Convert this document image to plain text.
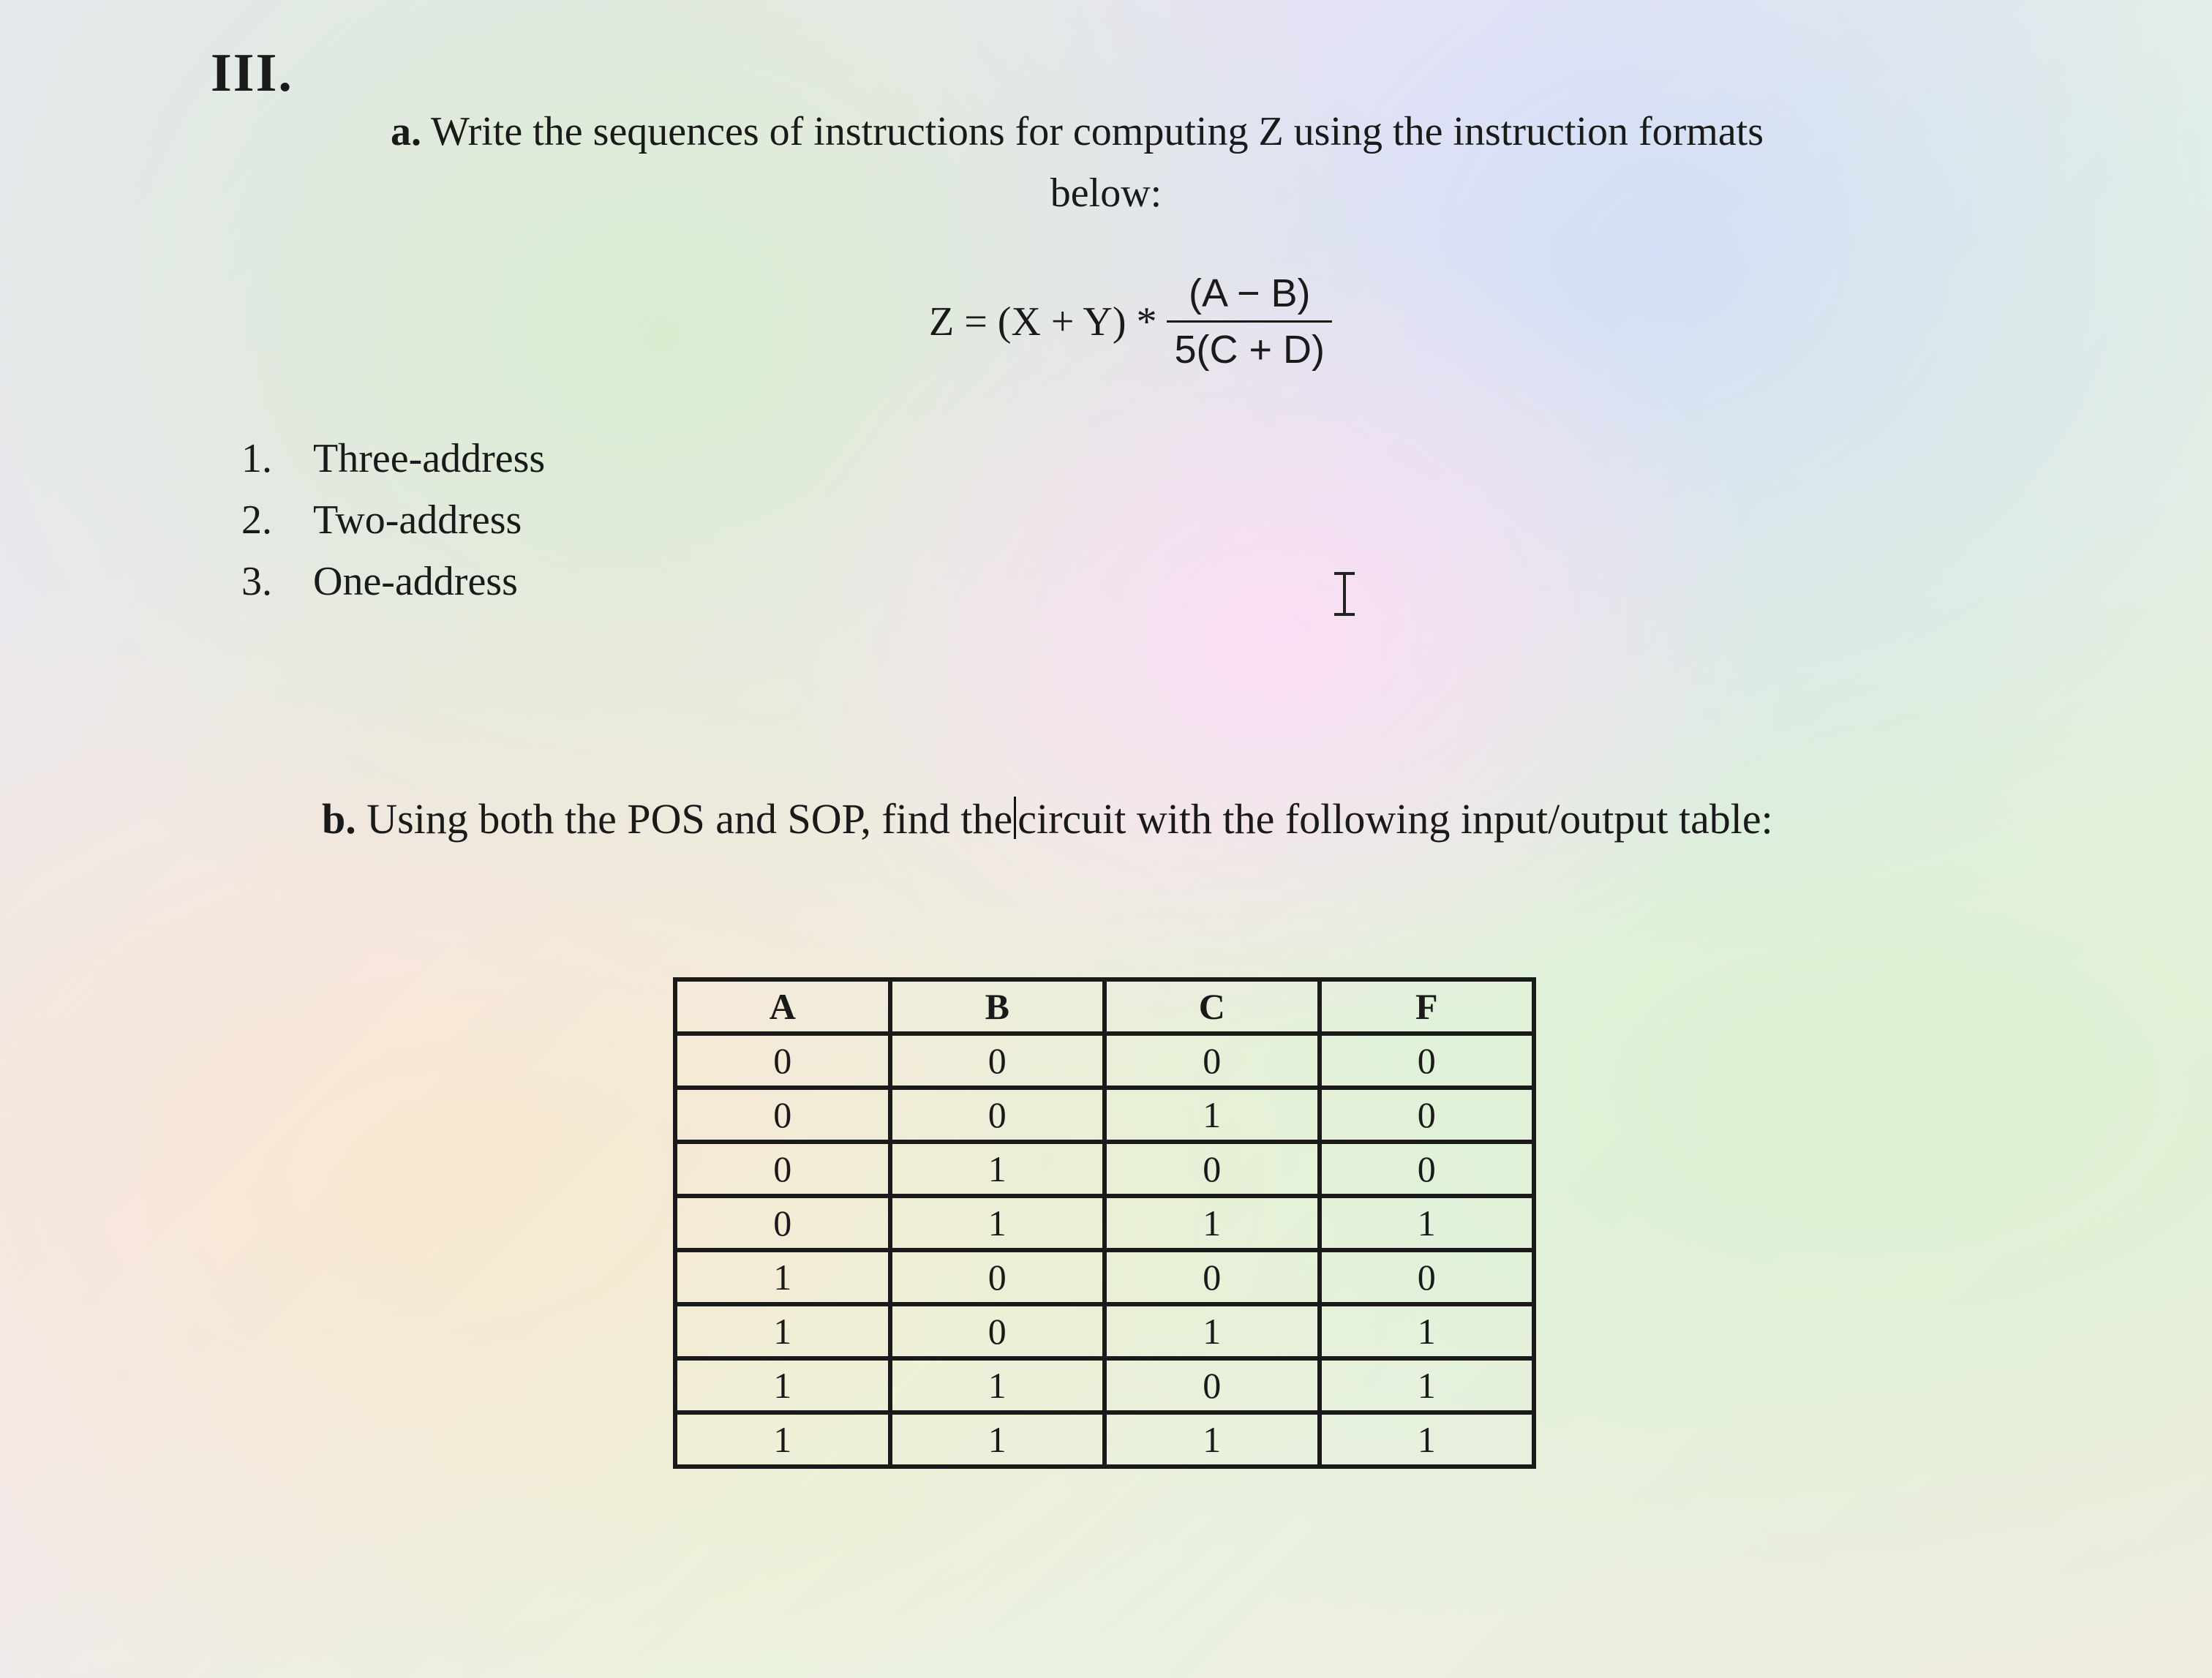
III.
a. Write the sequences of instructions for computing Z using the instruction formats
below:
$Z = (X + Y) * \frac{(A - B)}{5(C + D)}$
1.	Three-address
2.	Two-address
3.	One-address
b. Using both the POS and SOP, find the circuit with the following input/output table:
A	B	C	F
0	0	0	0
0	0	1	0
0	1	0	0
0	1	1	1
1	0	0	0
1	0	1	1
1	1	0	1
1	1	1	1
